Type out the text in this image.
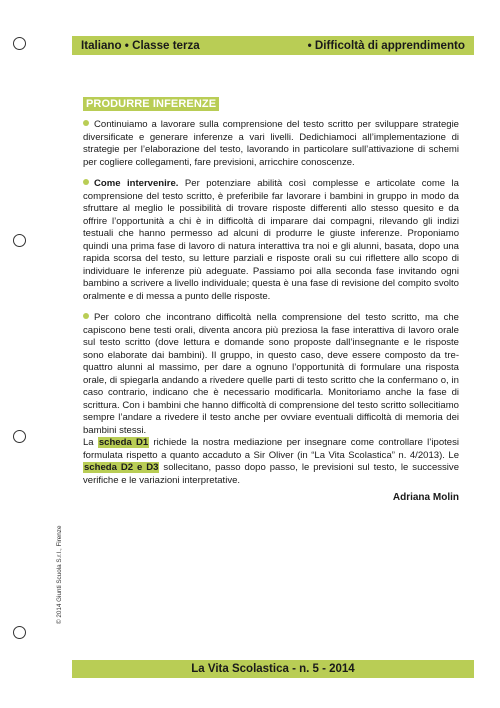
Italiano • Classe terza	• Difficoltà di apprendimento
PRODURRE INFERENZE

Continuiamo a lavorare sulla comprensione del testo scritto per sviluppare strategie diversificate e generare inferenze a vari livelli. Dedichiamoci all’implementazione di strategie per l’elaborazione del testo, lavorando in particolare sull’attivazione di schemi per cogliere collegamenti, fare previsioni, arricchire conoscenze.

Come intervenire. Per potenziare abilità così complesse e articolate come la comprensione del testo scritto, è preferibile far lavorare i bambini in gruppo in modo da sfruttare al meglio le possibilità di trovare risposte differenti allo stesso quesito e da offrire l’opportunità a chi è in difficoltà di imparare dai compagni, rilevando gli indizi testuali che hanno permesso ad alcuni di produrre le giuste inferenze. Proponiamo quindi una prima fase di lavoro di natura interattiva tra noi e gli alunni, basata, dopo una rapida scorsa del testo, su letture parziali e risposte orali su cui riflettere allo scopo di individuare le inferenze più adeguate. Passiamo poi alla seconda fase invitando ogni bambino a scrivere a livello individuale; questa è una fase di revisione del compito svolto oralmente e di messa a punto delle risposte.

Per coloro che incontrano difficoltà nella comprensione del testo scritto, ma che capiscono bene testi orali, diventa ancora più preziosa la fase interattiva di lavoro orale sul testo scritto (dove lettura e domande sono proposte dall’insegnante e le risposte sono elaborate dai bambini). Il gruppo, in questo caso, deve essere composto da tre-quattro alunni al massimo, per dare a ognuno l’opportunità di formulare una risposta orale, di spiegarla andando a rivedere quelle parti di testo scritto che la confermano o, in caso contrario, indicano che è necessario modificarla. Monitoriamo anche la fase di scrittura. Con i bambini che hanno difficoltà di comprensione del testo scritto sollecitiamo sempre l’andare a rivedere il testo anche per ovviare eventuali difficoltà di memoria dei bambini stessi.

La scheda D1 richiede la nostra mediazione per insegnare come controllare l’ipotesi formulata rispetto a quanto accaduto a Sir Oliver (in “La Vita Scolastica” n. 4/2013). Le scheda D2 e D3 sollecitano, passo dopo passo, le previsioni sul testo, le successive verifiche e le variazioni interpretative.

Adriana Molin
© 2014 Giunti Scuola S.r.l., Firenze
La Vita Scolastica - n. 5 - 2014
